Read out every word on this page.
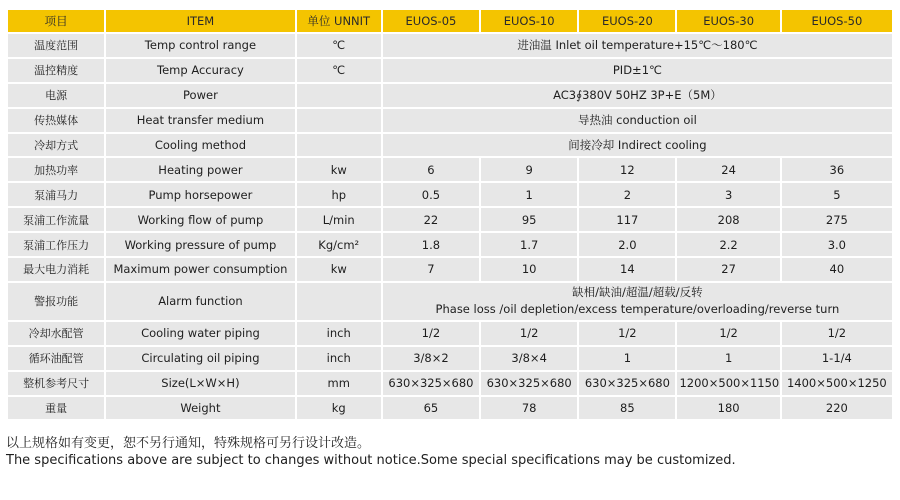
项目	ITEM	单位 UNNIT	EUOS-05	EUOS-10	EUOS-20	EUOS-30	EUOS-50
温度范围	Temp control range	℃	进油温 Inlet oil temperature+15℃～180℃				
温控精度	Temp Accuracy	℃	PID±1℃				
电源	Power		AC3∮380V 50HZ 3P+E（5M）				
传热媒体	Heat transfer medium		导热油 conduction oil				
冷却方式	Cooling method		间接冷却 Indirect cooling				
加热功率	Heating power	kw	6	9	12	24	36
泵浦马力	Pump horsepower	hp	0.5	1	2	3	5
泵浦工作流量	Working flow of pump	L/min	22	95	117	208	275
泵浦工作压力	Working pressure of pump	Kg/cm²	1.8	1.7	2.0	2.2	3.0
最大电力消耗	Maximum power consumption	kw	7	10	14	27	40
警报功能	Alarm function		缺相/缺油/超温/超载/反转
Phase loss /oil depletion/excess temperature/overloading/reverse turn				

冷却水配管	Cooling water piping	inch	1/2	1/2	1/2	1/2	1/2
循环油配管	Circulating oil piping	inch	3/8×2	3/8×4	1	1	1-1/4
整机参考尺寸	Size(L×W×H)	mm	630×325×680	630×325×680	630×325×680	1200×500×1150	1400×500×1250
重量	Weight	kg	65	78	85	180	220
以上规格如有变更，恕不另行通知，特殊规格可另行设计改造。
The specifications above are subject to changes without notice.Some special specifications may be customized.
